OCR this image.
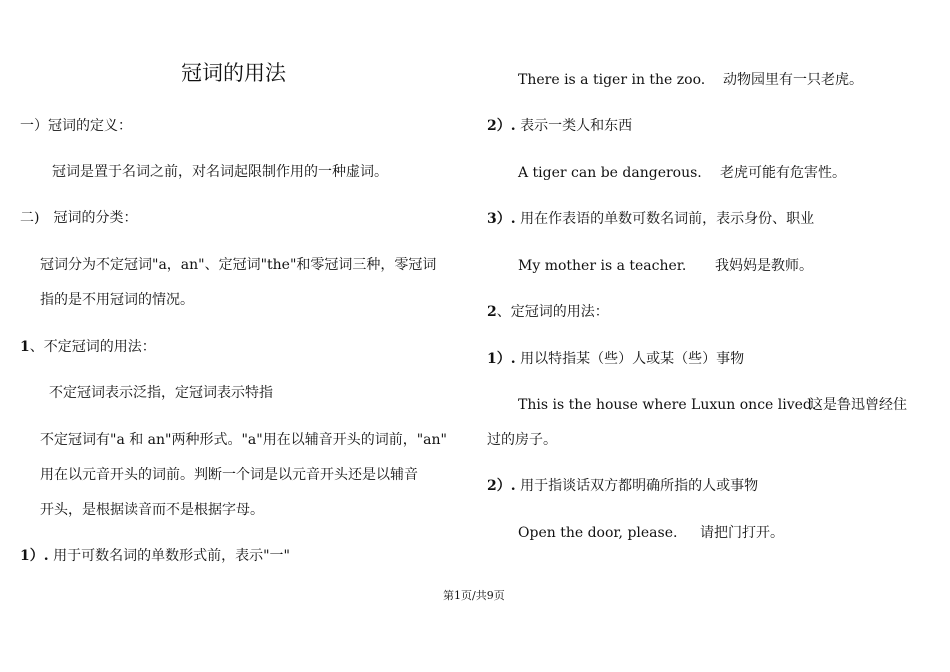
冠词的用法
一）冠词的定义：
冠词是置于名词之前，对名词起限制作用的一种虚词。
二)　冠词的分类：
冠词分为不定冠词"a，an"、定冠词"the"和零冠词三种，零冠词
指的是不用冠词的情况。
1、不定冠词的用法：
不定冠词表示泛指，定冠词表示特指
不定冠词有"a 和 an"两种形式。"a"用在以辅音开头的词前，"an"
用在以元音开头的词前。判断一个词是以元音开头还是以辅音
开头，是根据读音而不是根据字母。
1）. 用于可数名词的单数形式前，表示"一"
There is a tiger in the zoo. 动物园里有一只老虎。
2）. 表示一类人和东西
A tiger can be dangerous. 老虎可能有危害性。
3）. 用在作表语的单数可数名词前，表示身份、职业
My mother is a teacher. 我妈妈是教师。
2、定冠词的用法：
1）. 用以特指某（些）人或某（些）事物
This is the house where Luxun once lived.
这是鲁迅曾经住
过的房子。
2）. 用于指谈话双方都明确所指的人或事物
Open the door, please. 请把门打开。
第1页/共9页
